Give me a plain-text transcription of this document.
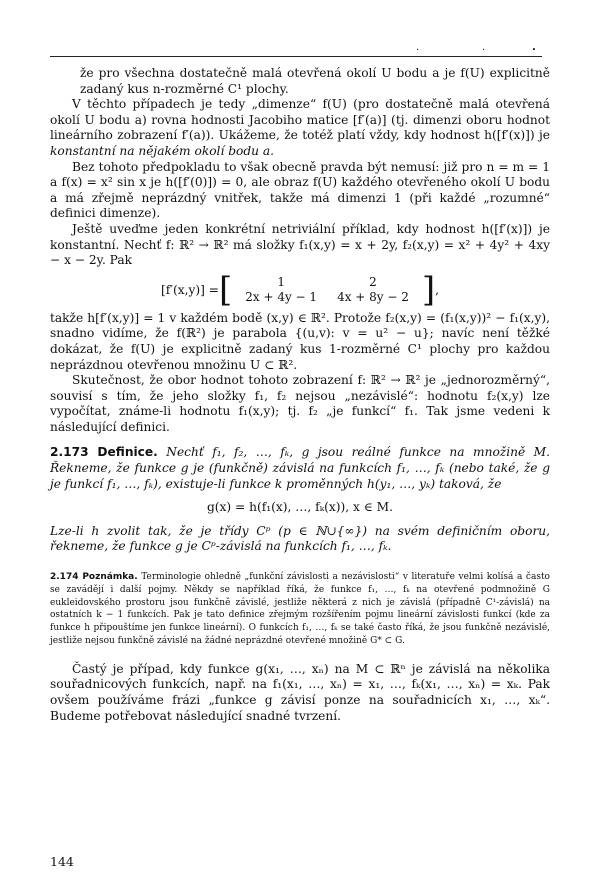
.	.	.

že pro všechna dostatečně malá otevřená okolí U bodu a je f(U) explicitně zadaný kus n-rozměrné C¹ plochy.

V těchto případech je tedy „dimenze“ f(U) (pro dostatečně malá otevřená okolí U bodu a) rovna hodnosti Jacobiho matice [f′(a)] (tj. dimenzi oboru hodnot lineárního zobrazení f′(a)). Ukážeme, že totéž platí vždy, kdy hodnost h([f′(x)]) je konstantní na nějakém okolí bodu a.

Bez tohoto předpokladu to však obecně pravda být nemusí: již pro n = m = 1 a f(x) = x² sin x je h([f′(0)]) = 0, ale obraz f(U) každého otevřeného okolí U bodu a má zřejmě neprázdný vnitřek, takže má dimenzi 1 (při každé „rozumné“ definici dimenze).

Ještě uveďme jeden konkrétní netriviální příklad, kdy hodnost h([f′(x)]) je konstantní. Nechť f: ℝ² → ℝ² má složky f₁(x,y) = x + 2y, f₂(x,y) = x² + 4y² + 4xy − x − 2y. Pak

[f′(x,y)] = [	1	2
2x + 4y − 1	4x + 8y − 2 ] ,

takže h[f′(x,y)] = 1 v každém bodě (x,y) ∈ ℝ². Protože f₂(x,y) = (f₁(x,y))² − f₁(x,y), snadno vidíme, že f(ℝ²) je parabola {(u,v): v = u² − u}; navíc není těžké dokázat, že f(U) je explicitně zadaný kus 1-rozměrné C¹ plochy pro každou neprázdnou otevřenou množinu U ⊂ ℝ².

Skutečnost, že obor hodnot tohoto zobrazení f: ℝ² → ℝ² je „jednorozměrný“, souvisí s tím, že jeho složky f₁, f₂ nejsou „nezávislé“: hodnotu f₂(x,y) lze vypočítat, známe-li hodnotu f₁(x,y); tj. f₂ „je funkcí“ f₁. Tak jsme vedeni k následující definici.

2.173 Definice. Nechť f₁, f₂, …, fₖ, g jsou reálné funkce na množině M. Řekneme, že funkce g je (funkčně) závislá na funkcích f₁, …, fₖ (nebo také, že g je funkcí f₁, …, fₖ), existuje-li funkce k proměnných h(y₁, …, yₖ) taková, že

g(x) = h(f₁(x), …, fₖ(x)), x ∈ M.

Lze-li h zvolit tak, že je třídy Cᵖ (p ∈ ℕ∪{∞}) na svém definičním oboru, řekneme, že funkce g je Cᵖ-závislá na funkcích f₁, …, fₖ.

2.174 Poznámka. Terminologie ohledně „funkční závislosti a nezávislosti“ v literatuře velmi kolísá a často se zavádějí i další pojmy. Někdy se například říká, že funkce f₁, …, fₖ na otevřené podmnožině G eukleidovského prostoru jsou funkčně závislé, jestliže některá z nich je závislá (případně C¹-závislá) na ostatních k − 1 funkcích. Pak je tato definice zřejmým rozšířením pojmu lineární závislosti funkcí (kde za funkce h připouštíme jen funkce lineární). O funkcích f₁, …, fₖ se také často říká, že jsou funkčně nezávislé, jestliže nejsou funkčně závislé na žádné neprázdné otevřené množině G* ⊂ G.

Častý je případ, kdy funkce g(x₁, …, xₙ) na M ⊂ ℝⁿ je závislá na několika souřadnicových funkcích, např. na f₁(x₁, …, xₙ) = x₁, …, fₖ(x₁, …, xₙ) = xₖ. Pak ovšem používáme frázi „funkce g závisí ponze na souřadnicích x₁, …, xₖ“. Budeme potřebovat následující snadné tvrzení.

144
